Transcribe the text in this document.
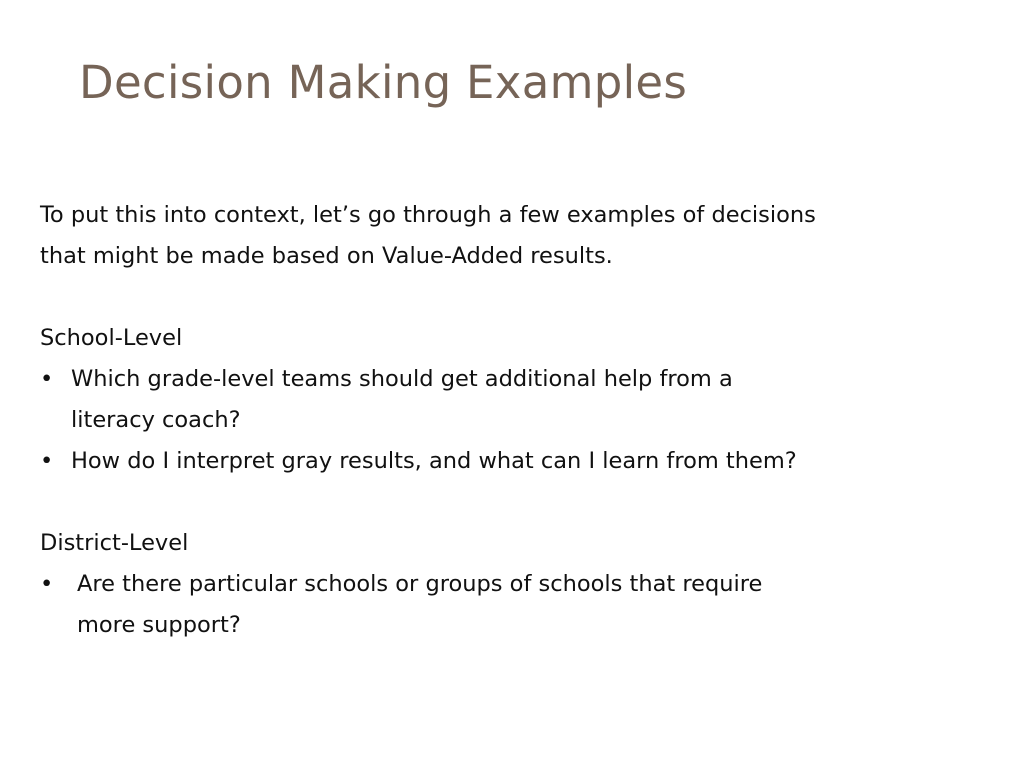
Decision Making Examples
To put this into context, let’s go through a few examples of decisions
that might be made based on Value-Added results.
School-Level
• Which grade-level teams should get additional help from a
literacy coach?
• How do I interpret gray results, and what can I learn from them?
District-Level
• Are there particular schools or groups of schools that require
more support?
